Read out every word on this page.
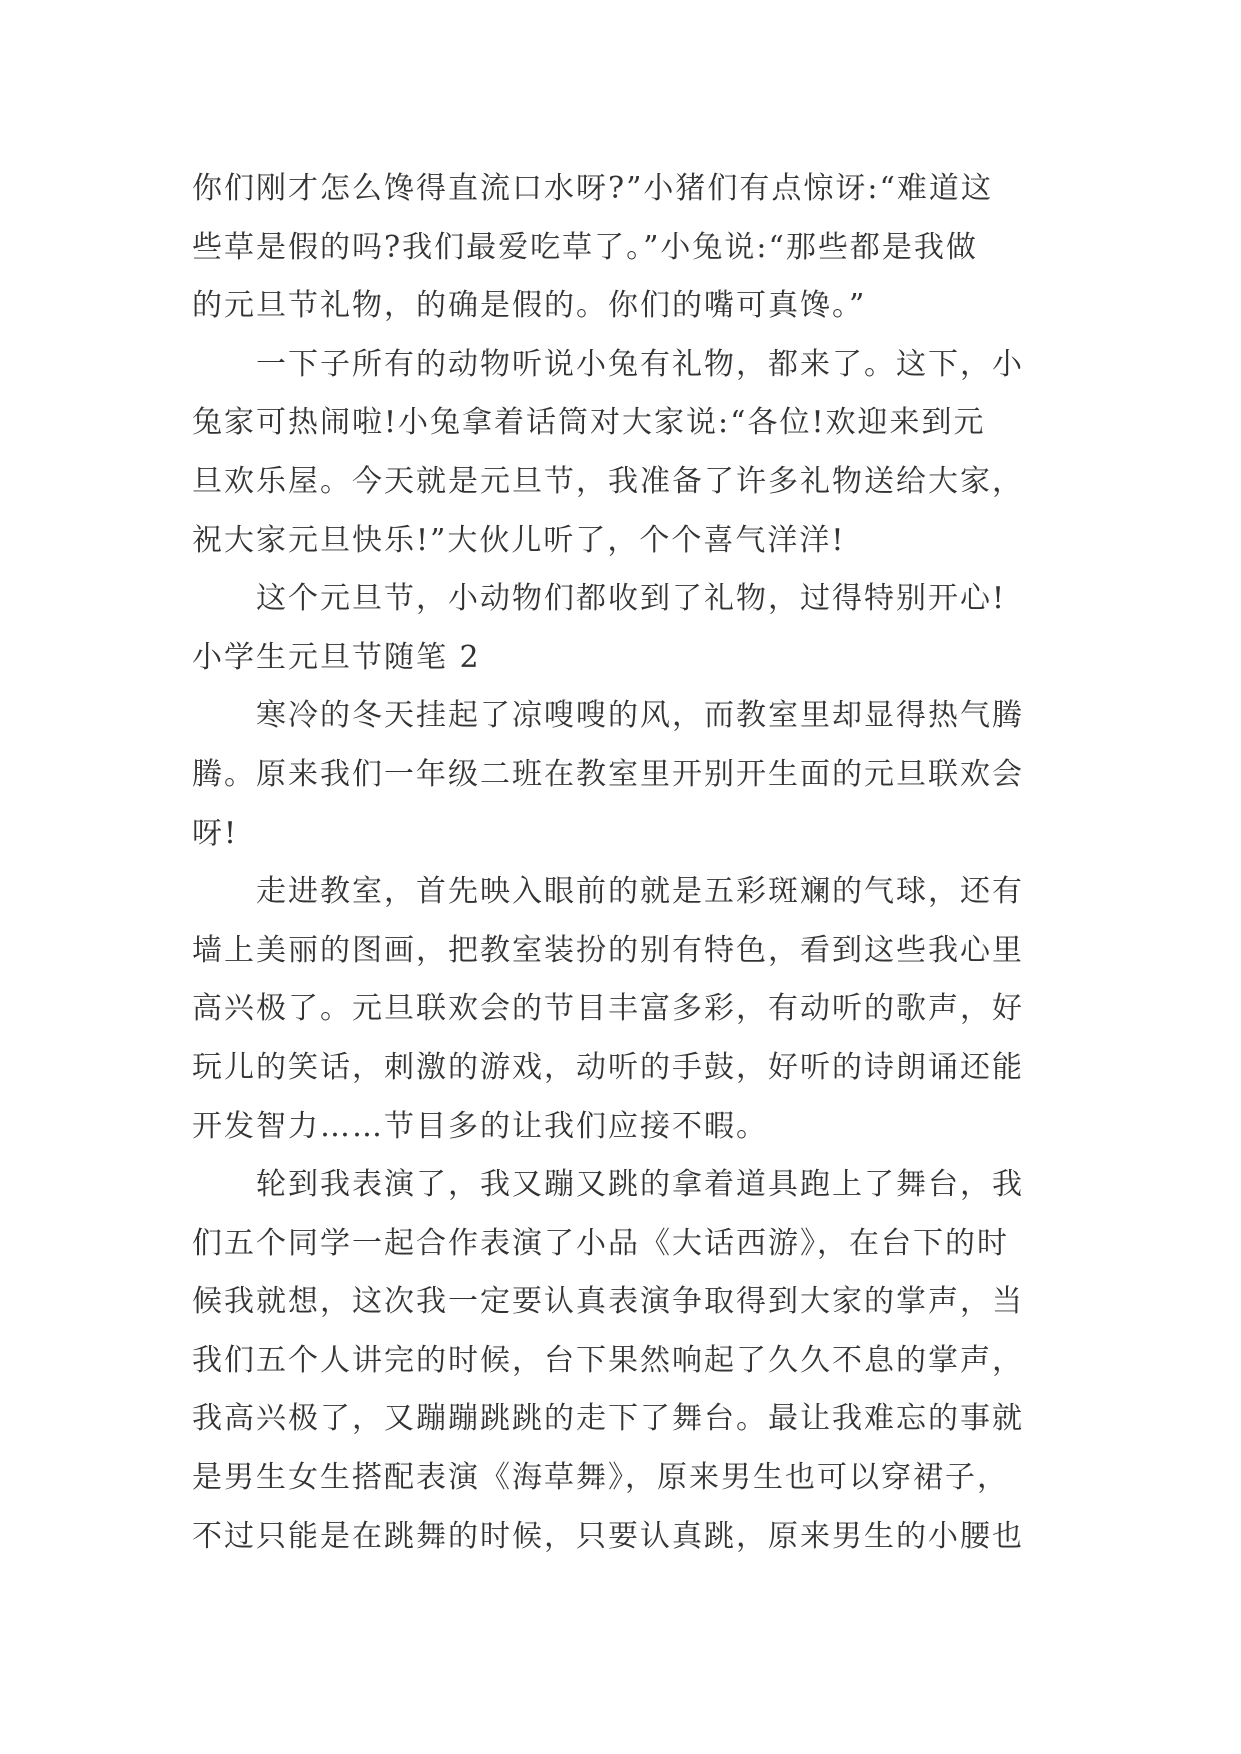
你们刚才怎么馋得直流口水呀?”小猪们有点惊讶:“难道这
些草是假的吗?我们最爱吃草了。”小兔说:“那些都是我做
的元旦节礼物，的确是假的。你们的嘴可真馋。”
一下子所有的动物听说小兔有礼物，都来了。这下，小
兔家可热闹啦!小兔拿着话筒对大家说:“各位!欢迎来到元
旦欢乐屋。今天就是元旦节，我准备了许多礼物送给大家，
祝大家元旦快乐!”大伙儿听了，个个喜气洋洋!
这个元旦节，小动物们都收到了礼物，过得特别开心!
小学生元旦节随笔 2
寒冷的冬天挂起了凉嗖嗖的风，而教室里却显得热气腾
腾。原来我们一年级二班在教室里开别开生面的元旦联欢会
呀!
走进教室，首先映入眼前的就是五彩斑斓的气球，还有
墙上美丽的图画，把教室装扮的别有特色，看到这些我心里
高兴极了。元旦联欢会的节目丰富多彩，有动听的歌声，好
玩儿的笑话，刺激的游戏，动听的手鼓，好听的诗朗诵还能
开发智力……节目多的让我们应接不暇。
轮到我表演了，我又蹦又跳的拿着道具跑上了舞台，我
们五个同学一起合作表演了小品《大话西游》，在台下的时
候我就想，这次我一定要认真表演争取得到大家的掌声，当
我们五个人讲完的时候，台下果然响起了久久不息的掌声，
我高兴极了，又蹦蹦跳跳的走下了舞台。最让我难忘的事就
是男生女生搭配表演《海草舞》，原来男生也可以穿裙子，
不过只能是在跳舞的时候，只要认真跳，原来男生的小腰也
